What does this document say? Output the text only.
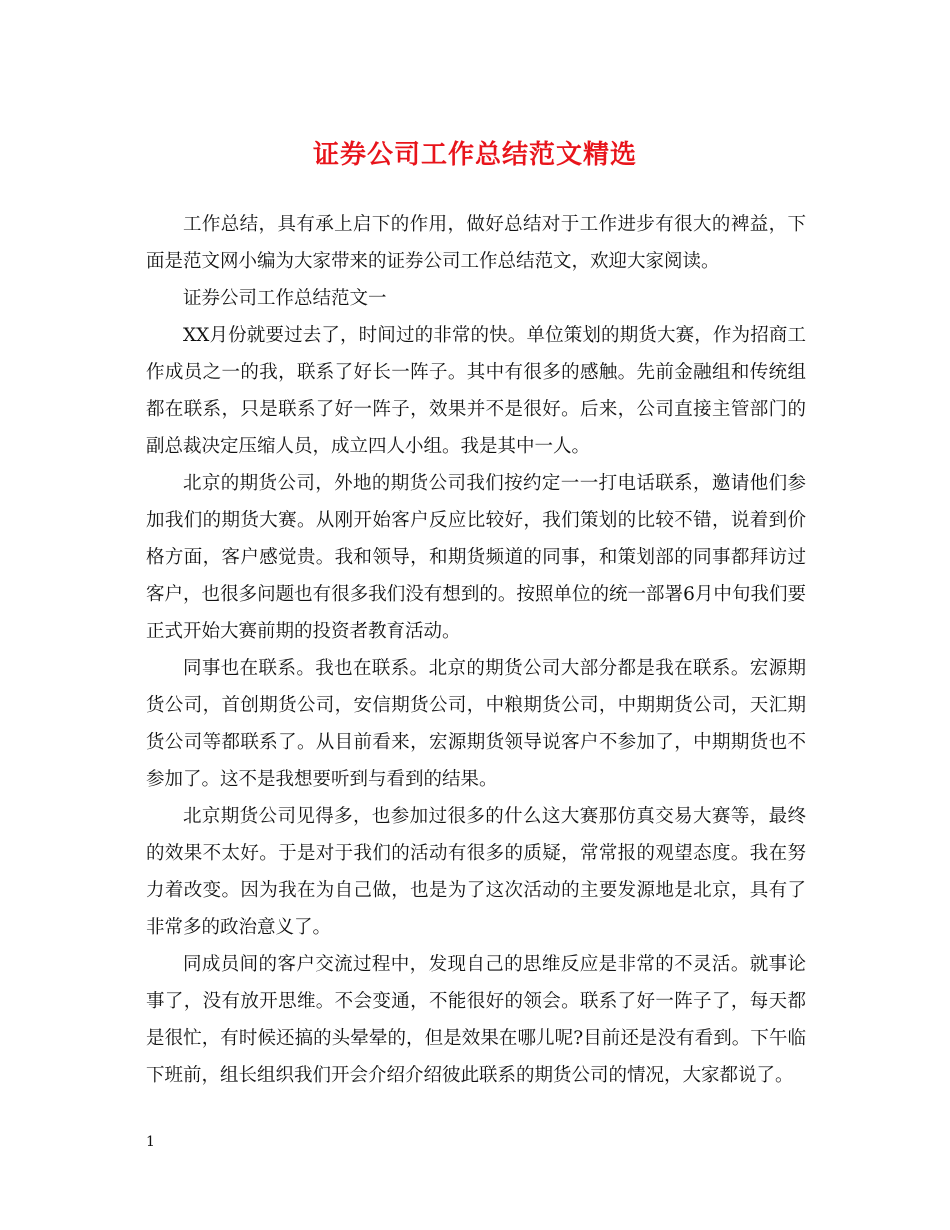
证券公司工作总结范文精选

工作总结，具有承上启下的作用，做好总结对于工作进步有很大的裨益，下面是范文网小编为大家带来的证券公司工作总结范文，欢迎大家阅读。

证券公司工作总结范文一

XX月份就要过去了，时间过的非常的快。单位策划的期货大赛，作为招商工作成员之一的我，联系了好长一阵子。其中有很多的感触。先前金融组和传统组都在联系，只是联系了好一阵子，效果并不是很好。后来，公司直接主管部门的副总裁决定压缩人员，成立四人小组。我是其中一人。

北京的期货公司，外地的期货公司我们按约定一一打电话联系，邀请他们参加我们的期货大赛。从刚开始客户反应比较好，我们策划的比较不错，说着到价格方面，客户感觉贵。我和领导，和期货频道的同事，和策划部的同事都拜访过客户，也很多问题也有很多我们没有想到的。按照单位的统一部署6月中旬我们要正式开始大赛前期的投资者教育活动。

同事也在联系。我也在联系。北京的期货公司大部分都是我在联系。宏源期货公司，首创期货公司，安信期货公司，中粮期货公司，中期期货公司，天汇期货公司等都联系了。从目前看来，宏源期货领导说客户不参加了，中期期货也不参加了。这不是我想要听到与看到的结果。

北京期货公司见得多，也参加过很多的什么这大赛那仿真交易大赛等，最终的效果不太好。于是对于我们的活动有很多的质疑，常常报的观望态度。我在努力着改变。因为我在为自己做，也是为了这次活动的主要发源地是北京，具有了非常多的政治意义了。

同成员间的客户交流过程中，发现自己的思维反应是非常的不灵活。就事论事了，没有放开思维。不会变通，不能很好的领会。联系了好一阵子了，每天都是很忙，有时候还搞的头晕晕的，但是效果在哪儿呢?目前还是没有看到。下午临下班前，组长组织我们开会介绍介绍彼此联系的期货公司的情况，大家都说了。

1
